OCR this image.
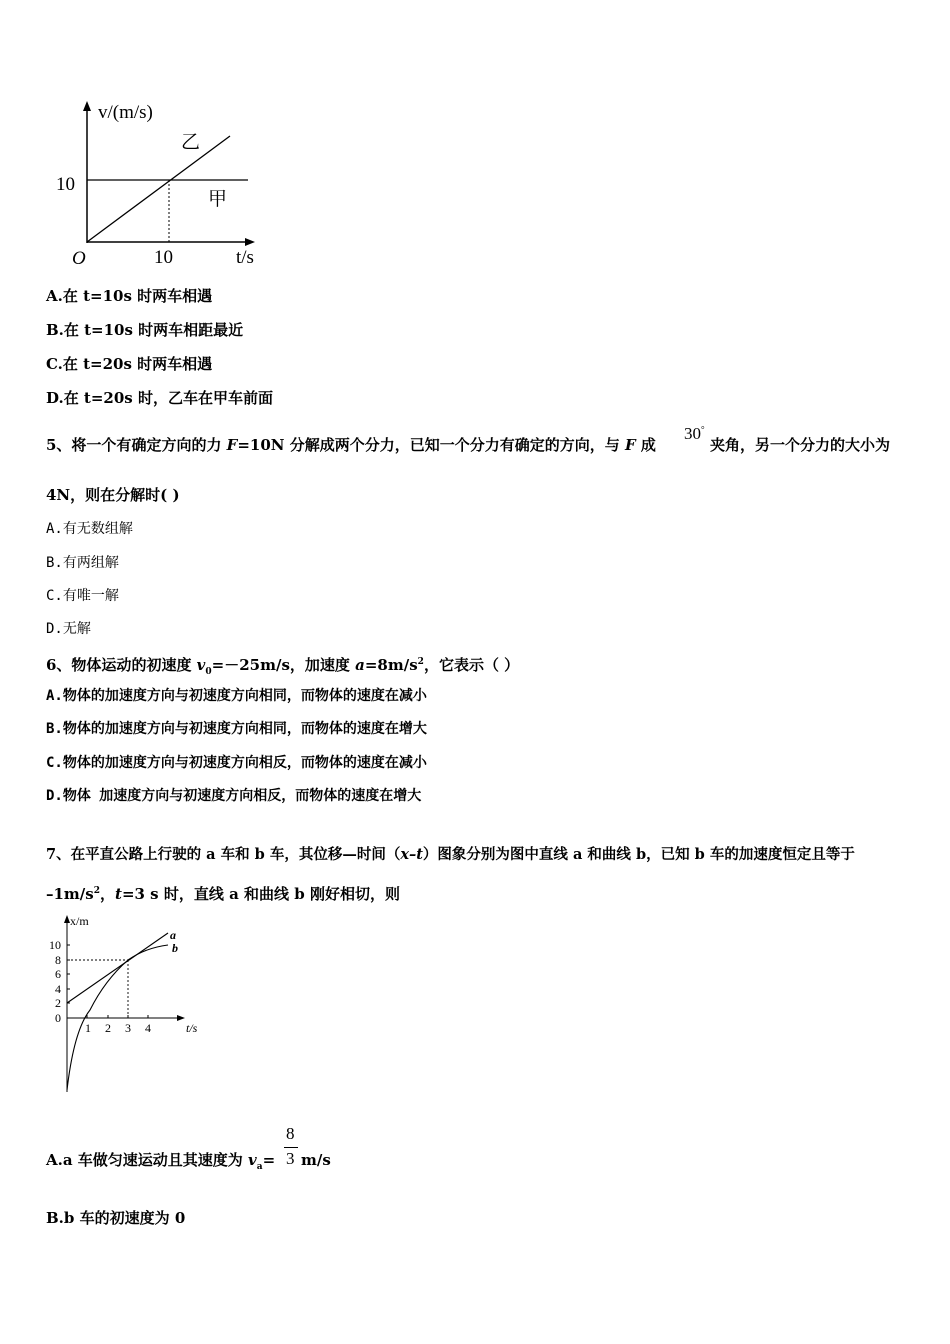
v/(m/s)
乙
10
甲
O	10	t/s
A.在 t=10s 时两车相遇
B.在 t=10s 时两车相距最近
C.在 t=20s 时两车相遇
D.在 t=20s 时，乙车在甲车前面
5、将一个有确定方向的力 F=10N 分解成两个分力，已知一个分力有确定的方向，与 F 成
30°
夹角，另一个分力的大小为
4N，则在分解时( )
A.有无数组解
B.有两组解
C.有唯一解
D.无解
6、物体运动的初速度 $v_0=-25m/s$，加速度 $a=8m/s^2$，它表示（ ）
A.物体的加速度方向与初速度方向相同，而物体的速度在减小
B.物体的加速度方向与初速度方向相同，而物体的速度在增大
C.物体的加速度方向与初速度方向相反，而物体的速度在减小
D.物体 加速度方向与初速度方向相反，而物体的速度在增大
7、在平直公路上行驶的 a 车和 b 车，其位移—时间（x–t）图象分别为图中直线 a 和曲线 b，已知 b 车的加速度恒定且等于
$-1m/s^2$，t=3 s 时，直线 a 和曲线 b 刚好相切，则
x/m
10
8
6
4
2
0
1 2 3 4	t/s
a
b
A.a 车做匀速运动且其速度为 $v_a=$
8
3 m/s
B.b 车的初速度为 0
